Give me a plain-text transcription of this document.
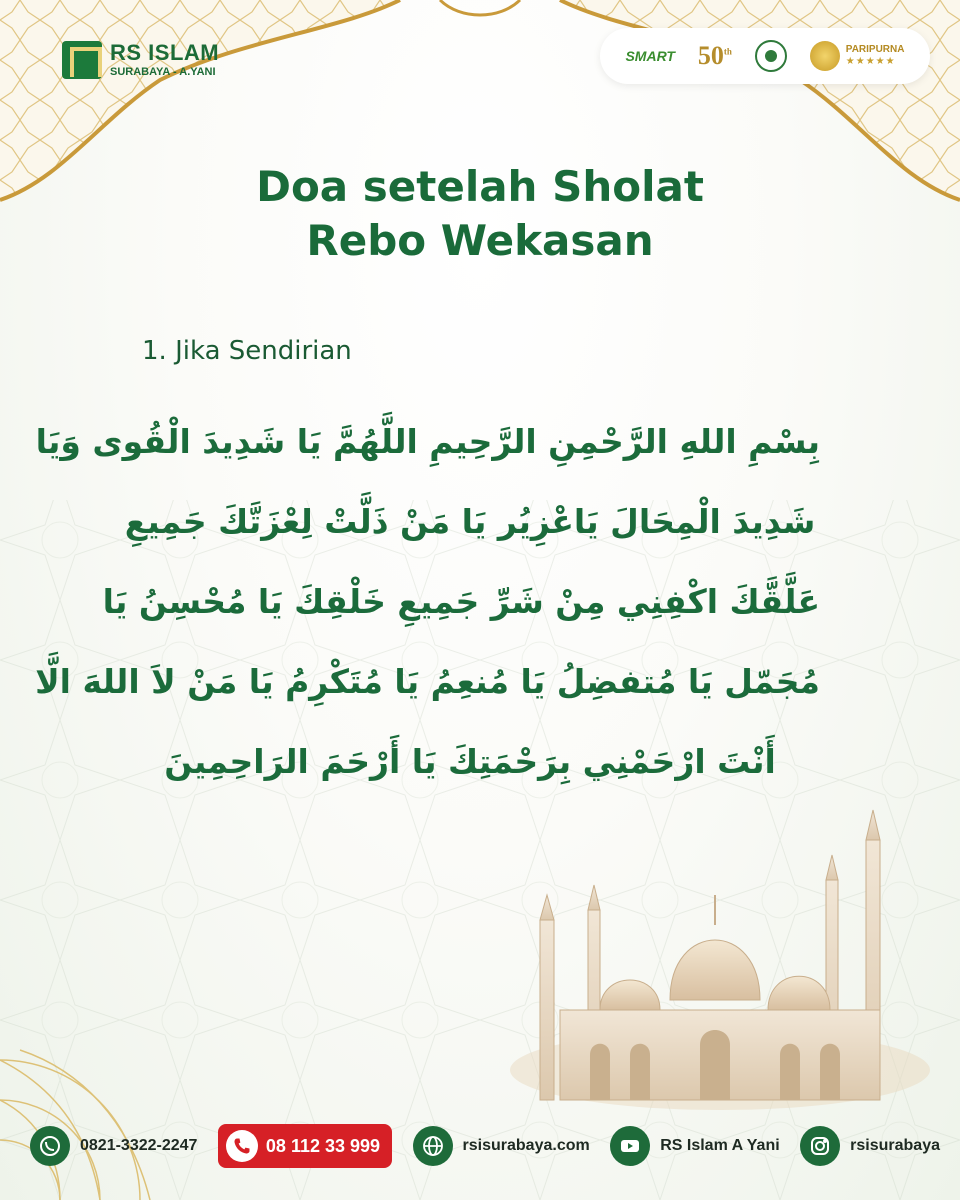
RS ISLAM
SURABAYA - A.YANI
SMART 50th	PARIPURNA
★★★★★
Doa setelah Sholat
Rebo Wekasan
1. Jika Sendirian
بِسْمِ اللهِ الرَّحْمِنِ الرَّحِيمِ اللَّهُمَّ يَا شَدِيدَ الْقُوى وَيَا
شَدِيدَ الْمِحَالَ يَاعْزِيُر يَا مَنْ ذَلَّتْ لِعْزَتَّكَ جَمِيعِ
عَلَّقَّكَ اكْفِنِي مِنْ شَرِّ جَمِيعِ خَلْقِكَ يَا مُحْسِنُ يَا
مُجَمّل يَا مُتفضِلُ يَا مُنعِمُ يَا مُتَكْرِمُ يَا مَنْ لاَ اللهَ الَّا
أَنْتَ ارْحَمْنِي بِرَحْمَتِكَ يَا أَرْحَمَ الرَاحِمِينَ
0821-3322-2247	08 112 33 999	rsisurabaya.com	RS Islam A Yani	rsisurabaya
